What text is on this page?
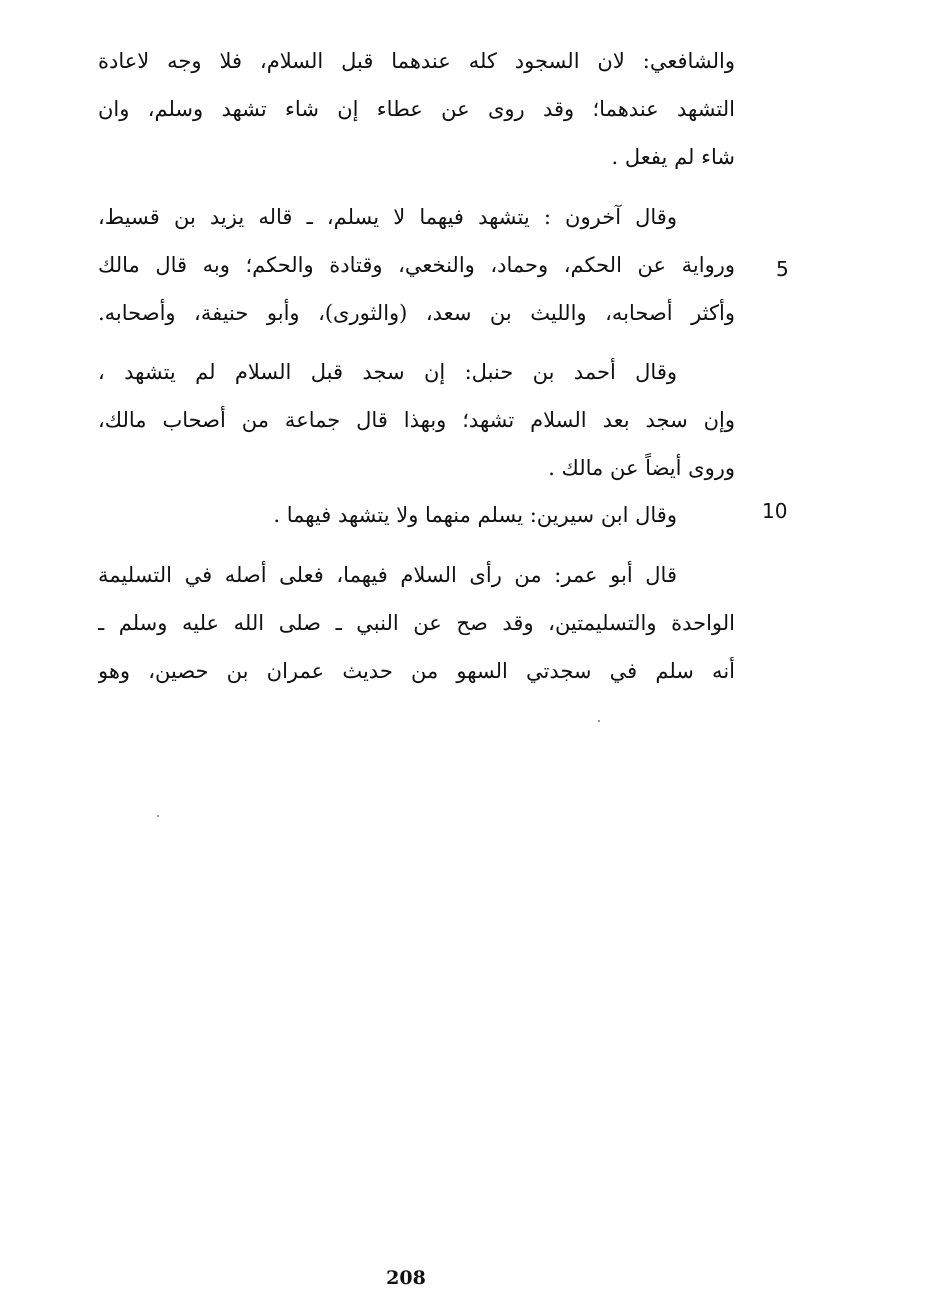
والشافعي: لان السجود كله عندهما قبل السلام، فلا وجه لاعادة
التشهد عندهما؛ وقد روى عن عطاء إن شاء تشهد وسلم، وان
شاء لم يفعل .
وقال آخرون : يتشهد فيهما لا يسلم، ـ قاله يزيد بن قسيط،
ورواية عن الحكم، وحماد، والنخعي، وقتادة والحكم؛ وبه قال مالك
وأكثر أصحابه، والليث بن سعد، (والثورى)، وأبو حنيفة، وأصحابه.
وقال أحمد بن حنبل: إن سجد قبل السلام لم يتشهد ،
وإن سجد بعد السلام تشهد؛ وبهذا قال جماعة من أصحاب مالك،
وروى أيضاً عن مالك .
وقال ابن سيرين: يسلم منهما ولا يتشهد فيهما .
قال أبو عمر: من رأى السلام فيهما، فعلى أصله في التسليمة
الواحدة والتسليمتين، وقد صح عن النبي ـ صلى الله عليه وسلم ـ
أنه سلم في سجدتي السهو من حديث عمران بن حصين، وهو
5
10
208
